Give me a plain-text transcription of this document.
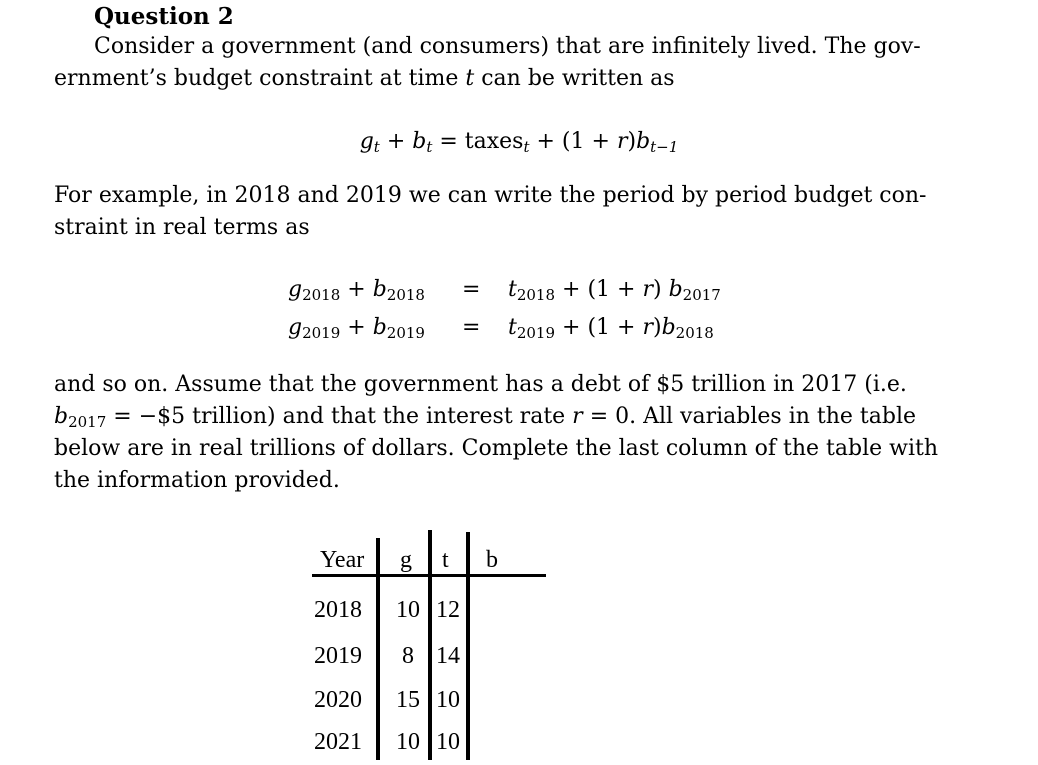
Question 2
Consider a government (and consumers) that are infinitely lived. The gov-
ernment’s budget constraint at time t can be written as
$g_t + b_t$ = taxes$_t$ + $(1 + r)b_{t-1}$
For example, in 2018 and 2019 we can write the period by period budget con-
straint in real terms as
$g_{2018} + b_{2018} = t_{2018} + (1 + r)$ $b_{2017}$
$g_{2019} + b_{2019} = t_{2019} + (1 + r)b_{2018}$
and so on. Assume that the government has a debt of $5 trillion in 2017 (i.e.
$b_{2017}$ = −$5 trillion) and that the interest rate r = 0. All variables in the table
below are in real trillions of dollars. Complete the last column of the table with
the information provided.
Year g t b
2018 10 12
2019 8 14
2020 15 10
2021 10 10
